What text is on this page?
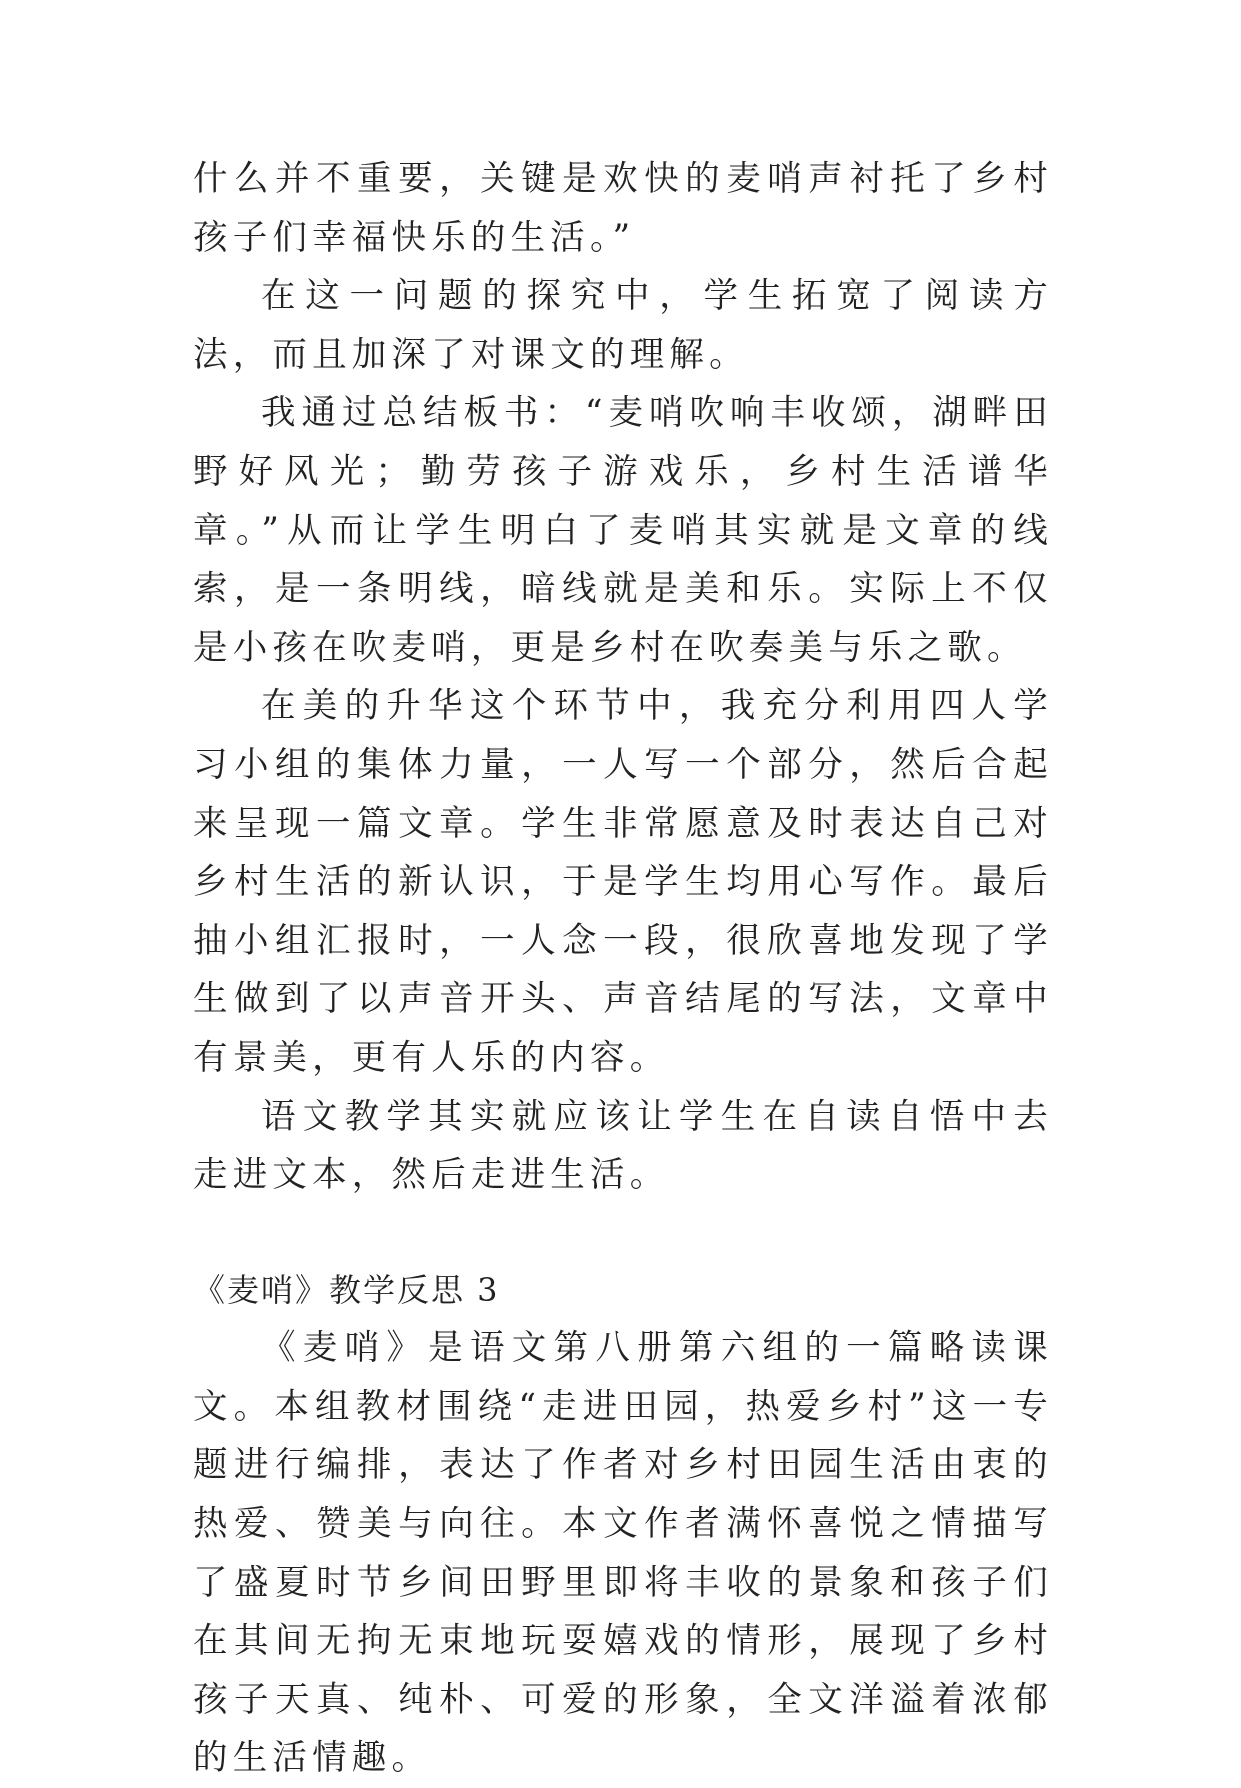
什么并不重要，关键是欢快的麦哨声衬托了乡村孩子们幸福快乐的生活。”

在这一问题的探究中，学生拓宽了阅读方法，而且加深了对课文的理解。

我通过总结板书：“麦哨吹响丰收颂，湖畔田野好风光；勤劳孩子游戏乐，乡村生活谱华章。”从而让学生明白了麦哨其实就是文章的线索，是一条明线，暗线就是美和乐。实际上不仅是小孩在吹麦哨，更是乡村在吹奏美与乐之歌。

在美的升华这个环节中，我充分利用四人学习小组的集体力量，一人写一个部分，然后合起来呈现一篇文章。学生非常愿意及时表达自己对乡村生活的新认识，于是学生均用心写作。最后抽小组汇报时，一人念一段，很欣喜地发现了学生做到了以声音开头、声音结尾的写法，文章中有景美，更有人乐的内容。

语文教学其实就应该让学生在自读自悟中去走进文本，然后走进生活。

《麦哨》教学反思 3

《麦哨》是语文第八册第六组的一篇略读课文。本组教材围绕“走进田园，热爱乡村”这一专题进行编排，表达了作者对乡村田园生活由衷的热爱、赞美与向往。本文作者满怀喜悦之情描写了盛夏时节乡间田野里即将丰收的景象和孩子们在其间无拘无束地玩耍嬉戏的情形，展现了乡村孩子天真、纯朴、可爱的形象，全文洋溢着浓郁的生活情趣。
